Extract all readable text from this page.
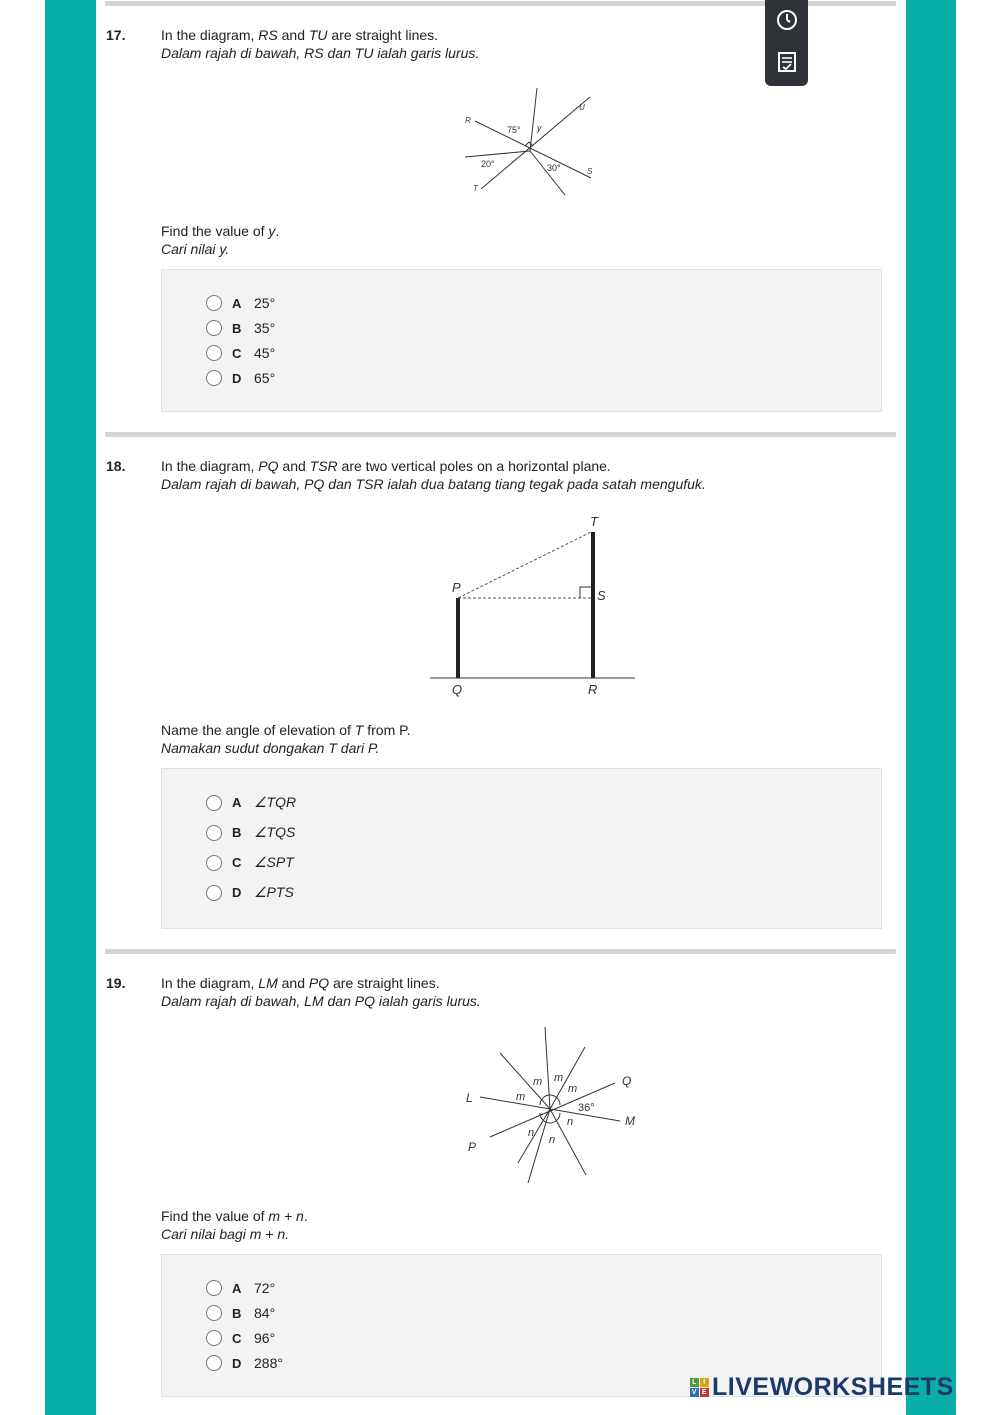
17.	In the diagram, RS and TU are straight lines.
Dalam rajah di bawah, RS dan TU ialah garis lurus.
R
U
T
S
75° y
20°	30°
Find the value of y.
Cari nilai y.
A 25°
B 35°
C 45°
D 65°
18.	In the diagram, PQ and TSR are two vertical poles on a horizontal plane.
Dalam rajah di bawah, PQ dan TSR ialah dua batang tiang tegak pada satah mengufuk.
T
P
S
Q	R
Name the angle of elevation of T from P.
Namakan sudut dongakan T dari P.
A ∠TQR
B ∠TQS
C ∠SPT
D ∠PTS
19.	In the diagram, LM and PQ are straight lines.
Dalam rajah di bawah, LM dan PQ ialah garis lurus.
L
M
P
Q
m m
m
m
36°
n
n
n
Find the value of m + n.
Cari nilai bagi m + n.
A 72°
B 84°
C 96°
D 288°
L I
V E LIVEWORKSHEETS
